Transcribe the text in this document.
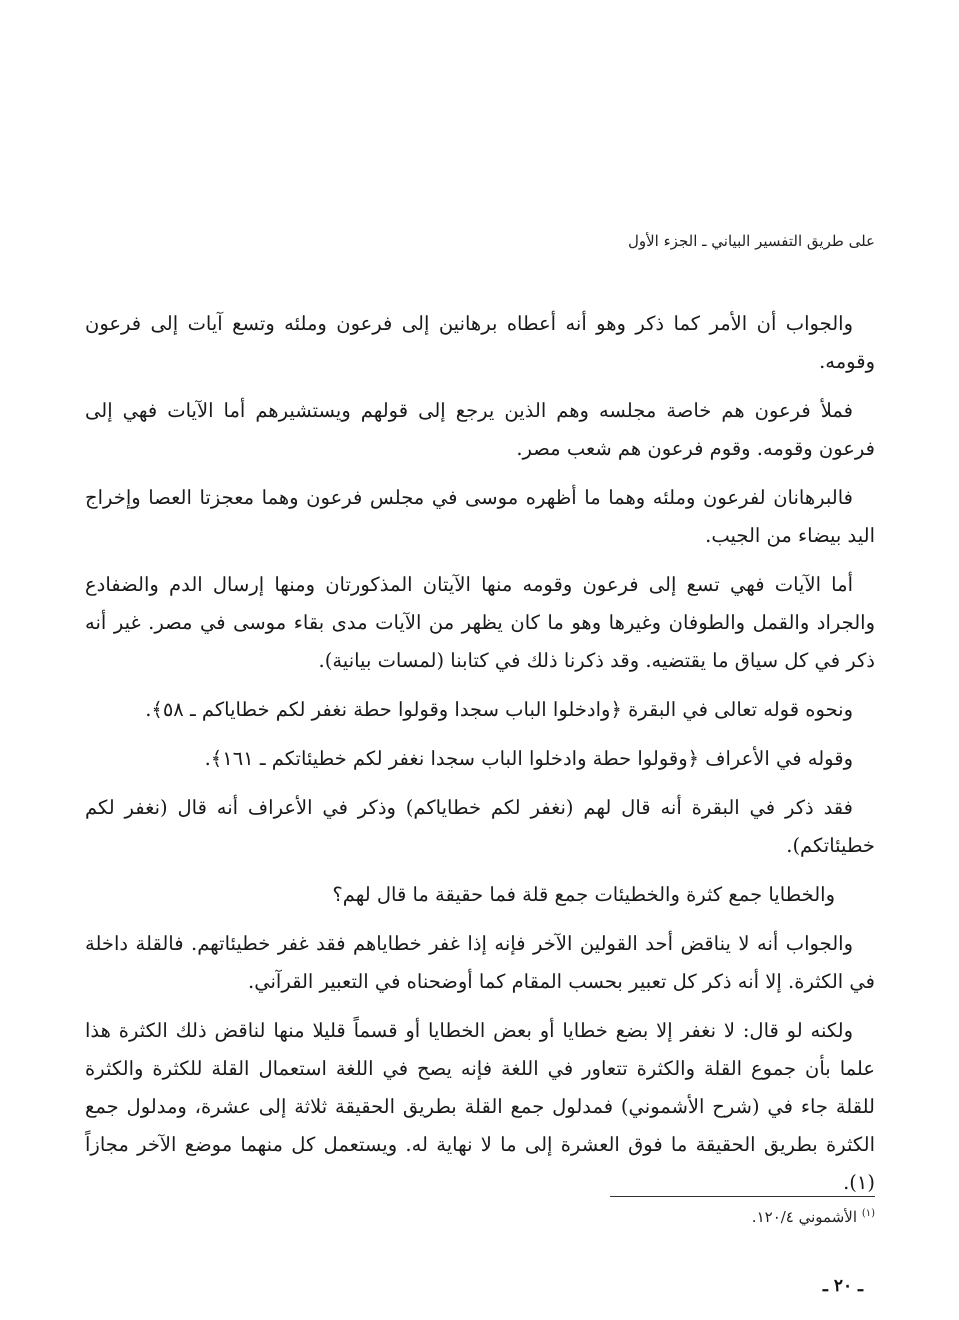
على طريق التفسير البياني ـ الجزء الأول

والجواب أن الأمر كما ذكر وهو أنه أعطاه برهانين إلى فرعون وملئه وتسع آيات إلى فرعون وقومه.

فملأ فرعون هم خاصة مجلسه وهم الذين يرجع إلى قولهم ويستشيرهم أما الآيات فهي إلى فرعون وقومه. وقوم فرعون هم شعب مصر.

فالبرهانان لفرعون وملئه وهما ما أظهره موسى في مجلس فرعون وهما معجزتا العصا وإخراج اليد بيضاء من الجيب.

أما الآيات فهي تسع إلى فرعون وقومه منها الآيتان المذكورتان ومنها إرسال الدم والضفادع والجراد والقمل والطوفان وغيرها وهو ما كان يظهر من الآيات مدى بقاء موسى في مصر. غير أنه ذكر في كل سياق ما يقتضيه. وقد ذكرنا ذلك في كتابنا (لمسات بيانية).

ونحوه قوله تعالى في البقرة ﴿وادخلوا الباب سجدا وقولوا حطة نغفر لكم خطاياكم ـ ٥٨﴾.

وقوله في الأعراف ﴿وقولوا حطة وادخلوا الباب سجدا نغفر لكم خطيئاتكم ـ ١٦١﴾.

فقد ذكر في البقرة أنه قال لهم (نغفر لكم خطاياكم) وذكر في الأعراف أنه قال (نغفر لكم خطيئاتكم).

والخطايا جمع كثرة والخطيئات جمع قلة فما حقيقة ما قال لهم؟

والجواب أنه لا يناقض أحد القولين الآخر فإنه إذا غفر خطاياهم فقد غفر خطيئاتهم. فالقلة داخلة في الكثرة. إلا أنه ذكر كل تعبير بحسب المقام كما أوضحناه في التعبير القرآني.

ولكنه لو قال: لا نغفر إلا بضع خطايا أو بعض الخطايا أو قسماً قليلا منها لناقض ذلك الكثرة هذا علما بأن جموع القلة والكثرة تتعاور في اللغة فإنه يصح في اللغة استعمال القلة للكثرة والكثرة للقلة جاء في (شرح الأشموني) فمدلول جمع القلة بطريق الحقيقة ثلاثة إلى عشرة، ومدلول جمع الكثرة بطريق الحقيقة ما فوق العشرة إلى ما لا نهاية له. ويستعمل كل منهما موضع الآخر مجازاً (١).

$^{(١)}$ الأشموني ١٢٠/٤.
ـ ٢٠ ـ
